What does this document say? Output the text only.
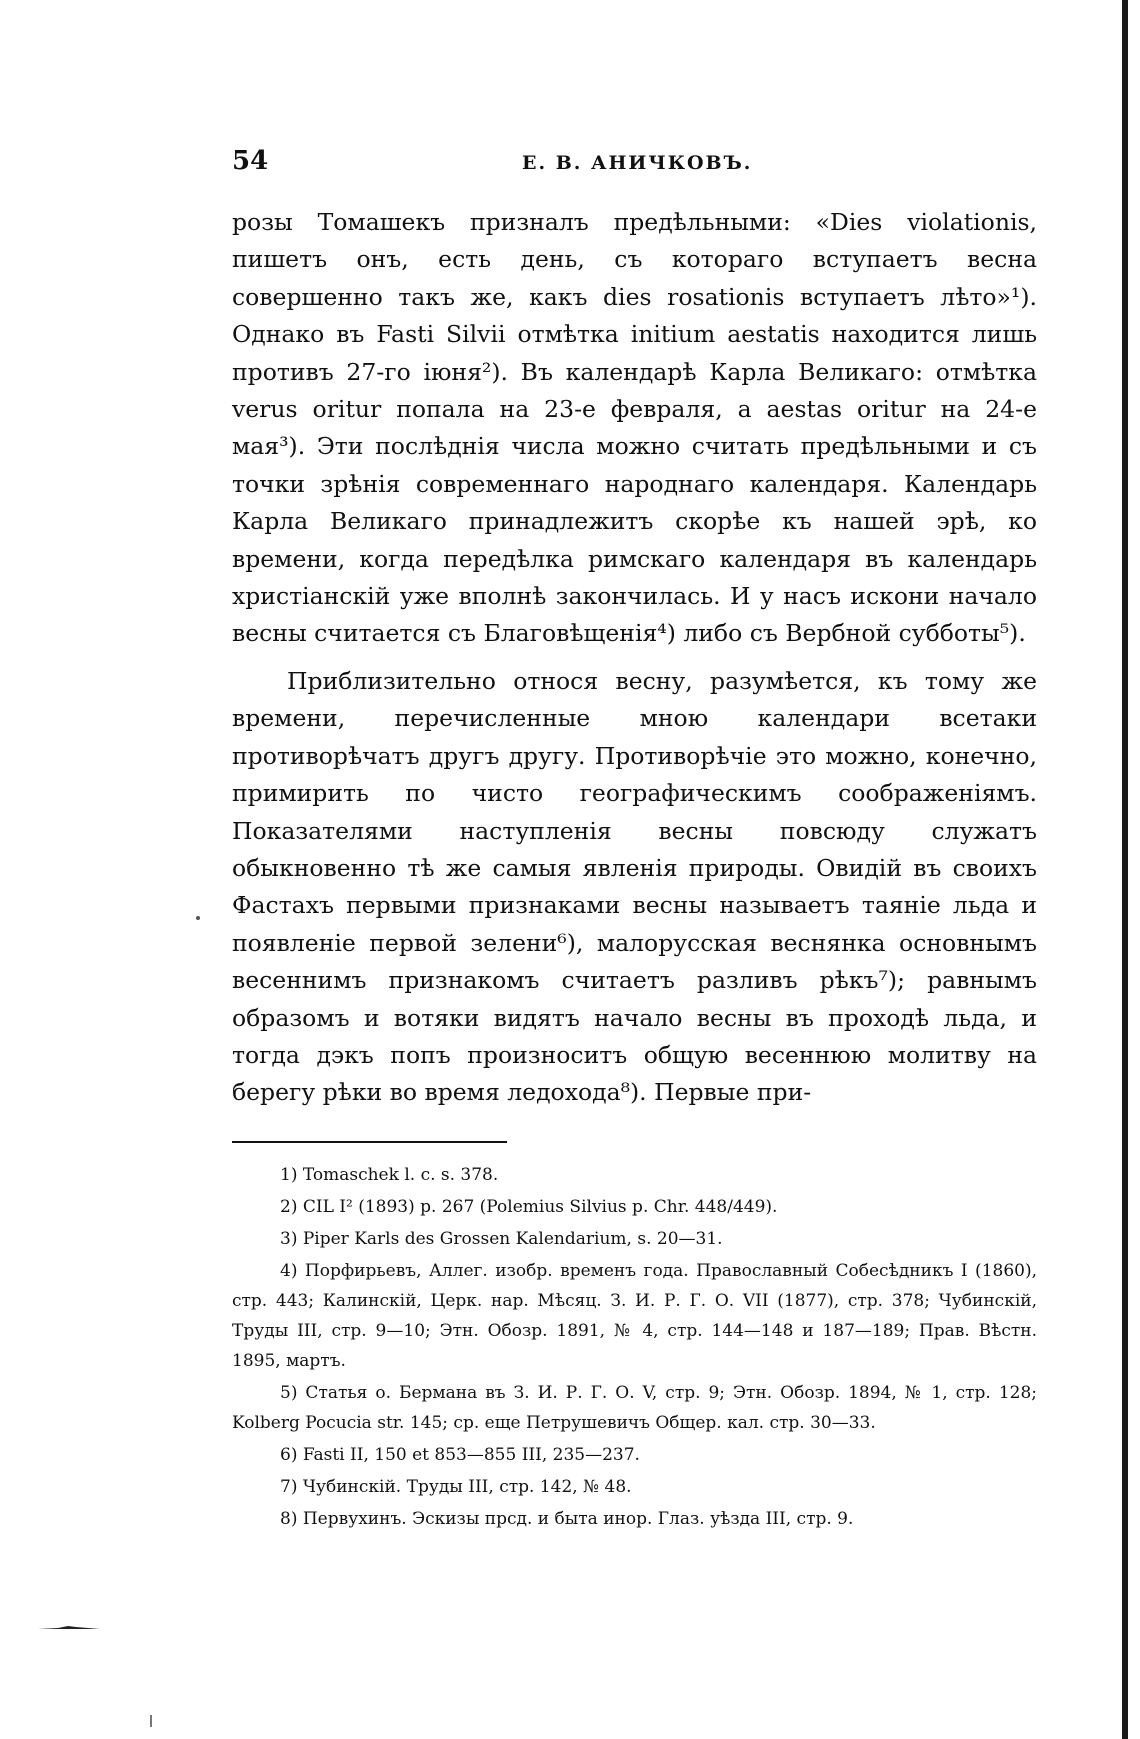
54	Е. В. АНИЧКОВЪ.

розы Томашекъ призналъ предѣльными: «Dies violationis, пишетъ онъ, есть день, съ котораго вступаетъ весна совершенно такъ же, какъ dies rosationis вступаетъ лѣто»¹). Однако въ Fasti Silvii отмѣтка initium aestatis находится лишь противъ 27-го іюня²). Въ календарѣ Карла Великаго: отмѣтка verus oritur попала на 23-е февраля, а aestas oritur на 24-е мая³). Эти послѣднія числа можно считать предѣльными и съ точки зрѣнія современнаго народнаго календаря. Календарь Карла Великаго принадлежитъ скорѣе къ нашей эрѣ, ко времени, когда передѣлка римскаго календаря въ календарь христіанскій уже вполнѣ закончилась. И у насъ искони начало весны считается съ Благовѣщенія⁴) либо съ Вербной субботы⁵).

Приблизительно относя весну, разумѣется, къ тому же времени, перечисленные мною календари всетаки противорѣчатъ другъ другу. Противорѣчіе это можно, конечно, примирить по чисто географическимъ соображеніямъ. Показателями наступленія весны повсюду служатъ обыкновенно тѣ же самыя явленія природы. Овидій въ своихъ Фастахъ первыми признаками весны называетъ таяніе льда и появленіе первой зелени⁶), малорусская веснянка основнымъ весеннимъ признакомъ считаетъ разливъ рѣкъ⁷); равнымъ образомъ и вотяки видятъ начало весны въ проходѣ льда, и тогда дэкъ попъ произноситъ общую весеннюю молитву на берегу рѣки во время ледохода⁸). Первые при-

1) Tomaschek l. c. s. 378.

2) CIL I² (1893) p. 267 (Polemius Silvius p. Chr. 448/449).

3) Piper Karls des Grossen Kalendarium, s. 20—31.

4) Порфирьевъ, Аллег. изобр. временъ года. Православный Собесѣдникъ I (1860), стр. 443; Калинскій, Церк. нар. Мѣсяц. З. И. Р. Г. О. VII (1877), стр. 378; Чубинскій, Труды III, стр. 9—10; Этн. Обозр. 1891, № 4, стр. 144—148 и 187—189; Прав. Вѣстн. 1895, мартъ.

5) Статья о. Бермана въ З. И. Р. Г. О. V, стр. 9; Этн. Обозр. 1894, № 1, стр. 128; Kolberg Pocucia str. 145; ср. еще Петрушевичъ Общер. кал. стр. 30—33.

6) Fasti II, 150 et 853—855 III, 235—237.

7) Чубинскій. Труды III, стр. 142, № 48.

8) Первухинъ. Эскизы прсд. и быта инор. Глаз. уѣзда III, стр. 9.
